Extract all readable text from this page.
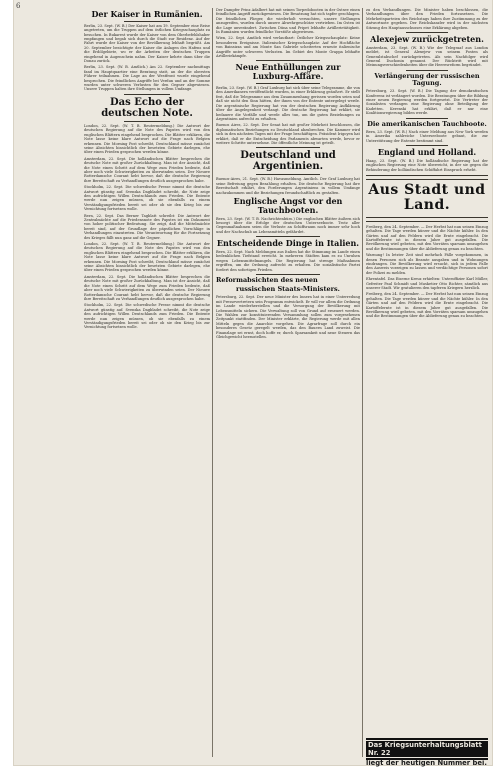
6
Der Kaiser in Rumänien.

Berlin, 23. Sept. (W. B.) Der Kaiser hat am 19. September eine Reise angetreten, um die Truppen auf dem östlichen Kriegsschauplatz zu besuchen. In Bukarest wurde der Kaiser von dem Oberbefehlshaber empfangen und begab sich durch die Stadt zur Residenz. Auf der Fahrt wurde der Kaiser von der Bevölkerung lebhaft begrüßt. Am 20. September besichtigte der Kaiser die Anlagen des Hafens und die Erdölgebiete, wo er die Arbeiten der deutschen Truppen eingehend in Augenschein nahm. Der Kaiser kehrte dann über die Donau zurück.

Berlin, 23. Sept. (W. B. Amtlich.) Am 22. September nachmittags fand im Hauptquartier eine Beratung statt, an der die obersten Führer teilnahmen. Die Lage an der Westfront wurde eingehend besprochen. Die feindlichen Angriffe bei Verdun und an der Somme wurden unter schweren Verlusten für den Gegner abgewiesen. Unsere Truppen halten ihre Stellungen in vollem Umfange.

Das Echo der deutschen Note.

London, 22. Sept. (W. T. B. Reutermeldung.) Die Antwort der deutschen Regierung auf die Note des Papstes wird von den englischen Blättern eingehend besprochen. Die Blätter erklären, die Note lasse keine klare Antwort auf die Frage nach Belgien erkennen. Die Morning Post schreibt, Deutschland müsse zunächst seine Absichten hinsichtlich der besetzten Gebiete darlegen, ehe über einen Frieden gesprochen werden könne.

Amsterdam, 22. Sept. Die holländischen Blätter besprechen die deutsche Note mit großer Zurückhaltung. Man ist der Ansicht, daß die Note einen Schritt auf dem Wege zum Frieden bedeute, daß aber noch viele Schwierigkeiten zu überwinden seien. Der Nieuwe Rotterdamsche Courant hebt hervor, daß die deutsche Regierung ihre Bereitschaft zu Verhandlungen deutlich ausgesprochen habe.

Stockholm, 22. Sept. Die schwedische Presse nimmt die deutsche Antwort günstig auf. Svenska Dagbladet schreibt, die Note zeige den aufrichtigen Willen Deutschlands zum Frieden. Die Entente werde nun zeigen müssen, ob sie ebenfalls zu einem Verständigungsfrieden bereit sei oder ob sie den Krieg bis zur Vernichtung fortsetzen wolle.

Bern, 22. Sept. Das Berner Tagblatt schreibt: Die Antwort der Zentralmächte auf die Friedensnote des Papstes ist ein Dokument von hoher politischer Bedeutung. Sie zeigt, daß die Mittelmächte bereit sind, auf der Grundlage der päpstlichen Vorschläge in Verhandlungen einzutreten. Die Verantwortung für die Fortsetzung des Krieges fällt nun ganz auf die Gegner.

London, 22. Sept. (W. T. B. Reutermeldung.) Die Antwort der deutschen Regierung auf die Note des Papstes wird von den englischen Blättern eingehend besprochen. Die Blätter erklären, die Note lasse keine klare Antwort auf die Frage nach Belgien erkennen. Die Morning Post schreibt, Deutschland müsse zunächst seine Absichten hinsichtlich der besetzten Gebiete darlegen, ehe über einen Frieden gesprochen werden könne.

Amsterdam, 22. Sept. Die holländischen Blätter besprechen die deutsche Note mit großer Zurückhaltung. Man ist der Ansicht, daß die Note einen Schritt auf dem Wege zum Frieden bedeute, daß aber noch viele Schwierigkeiten zu überwinden seien. Der Nieuwe Rotterdamsche Courant hebt hervor, daß die deutsche Regierung ihre Bereitschaft zu Verhandlungen deutlich ausgesprochen habe.

Stockholm, 22. Sept. Die schwedische Presse nimmt die deutsche Antwort günstig auf. Svenska Dagbladet schreibt, die Note zeige den aufrichtigen Willen Deutschlands zum Frieden. Die Entente werde nun zeigen müssen, ob sie ebenfalls zu einem Verständigungsfrieden bereit sei oder ob sie den Krieg bis zur Vernichtung fortsetzen wolle.

Der Dampfer Prinz Adalbert hat mit seinen Torpedobooten in der Ostsee einen feindlichen Angriff zurückgewiesen. Die Besatzung hat sich tapfer geschlagen. Die feindlichen Flieger, die wiederholt versuchten, unsere Stellungen anzugreifen, wurden durch unsere Abwehrgeschütze vertrieben. Im Osten ist die Lage unverändert. Zwischen Düna und Pripet lebhafte Artillerietätigkeit. In Rumänien wurden feindliche Vorstöße abgewiesen.

Wien, 22. Sept. Amtlich wird verlautbart: Östlicher Kriegsschauplatz: Keine besonderen Ereignisse. Italienischer Kriegsschauplatz: Auf der Hochfläche von Bainsizza und am Monte San Gabriele scheiterten erneute italienische Angriffe unter schweren Verlusten. Im Gebiet des Monte Grappa lebhafte Artilleriekämpfe.

Neue Enthüllungen zur Luxburg-Affäre.

Berlin, 23. Sept. (W. B.) Graf Luxburg hat sich über seine Telegramme, die von den Amerikanern veröffentlicht wurden, in einer Erklärung geäußert. Er stellt fest, daß die Telegramme aus dem Zusammenhang gerissen worden seien und daß sie nicht den Sinn hätten, der ihnen von der Entente untergelegt werde. Die argentinische Regierung hat von der deutschen Regierung Aufklärung über die Angelegenheit verlangt. Die deutsche Regierung hat erklärt, sie bedauere die Vorfälle und werde alles tun, um die guten Beziehungen zu Argentinien aufrecht zu erhalten.

Buenos Aires, 22. Sept. Der Senat hat mit großer Mehrheit beschlossen, die diplomatischen Beziehungen zu Deutschland abzubrechen. Die Kammer wird sich in den nächsten Tagen mit der Frage beschäftigen. Präsident Irigoyen hat erklärt, daß er die Entscheidung des Parlaments abwarten werde, bevor er weitere Schritte unternehme. Die öffentliche Meinung ist geteilt.

Deutschland und Argentinien.

Buenos-Aires, 21. Sept. (W. B.) Havasmeldung. Amtlich. Der Graf Luxburg hat seine Befreiung gegen Bezahlung erhalten. Die deutsche Regierung hat ihre Bereitschaft erklärt, den Forderungen Argentiniens in vollem Umfange nachzukommen und die Beziehungen freundschaftlich zu gestalten.

Englische Angst vor den Tauchbooten.

Bern, 23. Sept. (W. T. B. Nachrichtenbüro.) Die englischen Blätter äußern sich besorgt über die Erfolge der deutschen Unterseeboote. Trotz aller Gegenmaßnahmen seien die Verluste an Schiffsraum noch immer sehr hoch und der Nachschub an Lebensmitteln gefährdet.

Entscheidende Dinge in Italien.

Bern, 22. Sept. Nach Meldungen aus Italien hat die Stimmung im Lande einen bedenklichen Tiefstand erreicht. In mehreren Städten kam es zu Unruhen wegen Lebensmittelmangels. Die Regierung hat strenge Maßnahmen ergriffen, um die Ordnung aufrecht zu erhalten. Die sozialistische Partei fordert den sofortigen Frieden.

Reformabsichten des neuen
russischen Staats-Ministers.

Petersburg, 22. Sept. Der neue Minister des Innern hat in einer Unterredung mit Pressevertretern sein Programm entwickelt. Er will vor allem die Ordnung im Lande wiederherstellen und die Versorgung der Bevölkerung mit Lebensmitteln sichern. Die Verwaltung soll von Grund auf erneuert werden. Die Wahlen zur konstituierenden Versammlung sollen zum vorgesehenen Zeitpunkt stattfinden. Der Minister erklärte, die Regierung werde mit allen Mitteln gegen die Anarchie vorgehen. Die Agrarfrage soll durch ein besonderes Gesetz geregelt werden, das den Bauern Land zuweist. Die Finanzlage sei ernst, doch hoffe er, durch Sparsamkeit und neue Steuern das Gleichgewicht herzustellen.

zu den Verhandlungen. Die Minister haben beschlossen, die Verhandlungen über den Frieden fortzusetzen. Die Mehrheitsparteien des Reichstags haben ihre Zustimmung zu der Antwortnote gegeben. Der Reichskanzler wird in der nächsten Sitzung des Hauptausschusses eine Erklärung abgeben.

Alexejew zurückgetreten.

Amsterdam, 23. Sept. (W. B.) Wie der Telegraaf aus London meldet, ist General Alexejew von seinem Posten als Generalstabschef zurückgetreten. Als sein Nachfolger wird General Duchonin genannt. Der Rücktritt wird mit Meinungsverschiedenheiten über die Heeresreform begründet.

Verlängerung der russischen Tagung.

Petersburg, 23. Sept. (W. B.) Die Tagung der demokratischen Konferenz ist verlängert worden. Die Beratungen über die Bildung einer neuen Regierung werden fortgesetzt. Die Vertreter der Sozialisten verlangen eine Regierung ohne Beteiligung der Kadetten. Kerenski hat erklärt, daß er nur eine Koalitionsregierung bilden werde.

Die amerikanischen Tauchboote.

Bern, 23. Sept. (W. B.) Nach einer Meldung aus New York werden in Amerika zahlreiche Unterseeboote gebaut, die zur Unterstützung der Entente bestimmt sind.

England und Holland.

Haag, 23. Sept. (W. B.) Die holländische Regierung hat der englischen Regierung eine Note überreicht, in der sie gegen die Behinderung der holländischen Schiffahrt Einspruch erhebt.

Aus Stadt und Land.

Freiberg, den 24. September. — Der Herbst hat nun seinen Einzug gehalten. Die Tage werden kürzer und die Nächte kühler. In den Gärten und auf den Feldern wird die Ernte eingebracht. Die Kartoffelernte ist in diesem Jahre gut ausgefallen. Die Bevölkerung wird gebeten, mit den Vorräten sparsam umzugehen und die Bestimmungen über die Ablieferung genau zu beachten.

Warnung! In letzter Zeit sind mehrfach Fälle vorgekommen, in denen Personen sich als Beamte ausgaben und in Wohnungen eindrangen. Die Bevölkerung wird ersucht, sich in jedem Falle den Ausweis vorzeigen zu lassen und verdächtige Personen sofort der Polizei zu melden.

Ehrentafel. Das Eiserne Kreuz erhielten: Unteroffizier Karl Müller, Gefreiter Paul Schmidt und Musketier Otto Richter, sämtlich aus unserer Stadt. Wir gratulieren den tapferen Kriegern herzlich.

Freiberg, den 24. September. — Der Herbst hat nun seinen Einzug gehalten. Die Tage werden kürzer und die Nächte kühler. In den Gärten und auf den Feldern wird die Ernte eingebracht. Die Kartoffelernte ist in diesem Jahre gut ausgefallen. Die Bevölkerung wird gebeten, mit den Vorräten sparsam umzugehen und die Bestimmungen über die Ablieferung genau zu beachten.

Das Kriegsunterhaltungsblatt Nr. 22
liegt der heutigen Nummer bei.
